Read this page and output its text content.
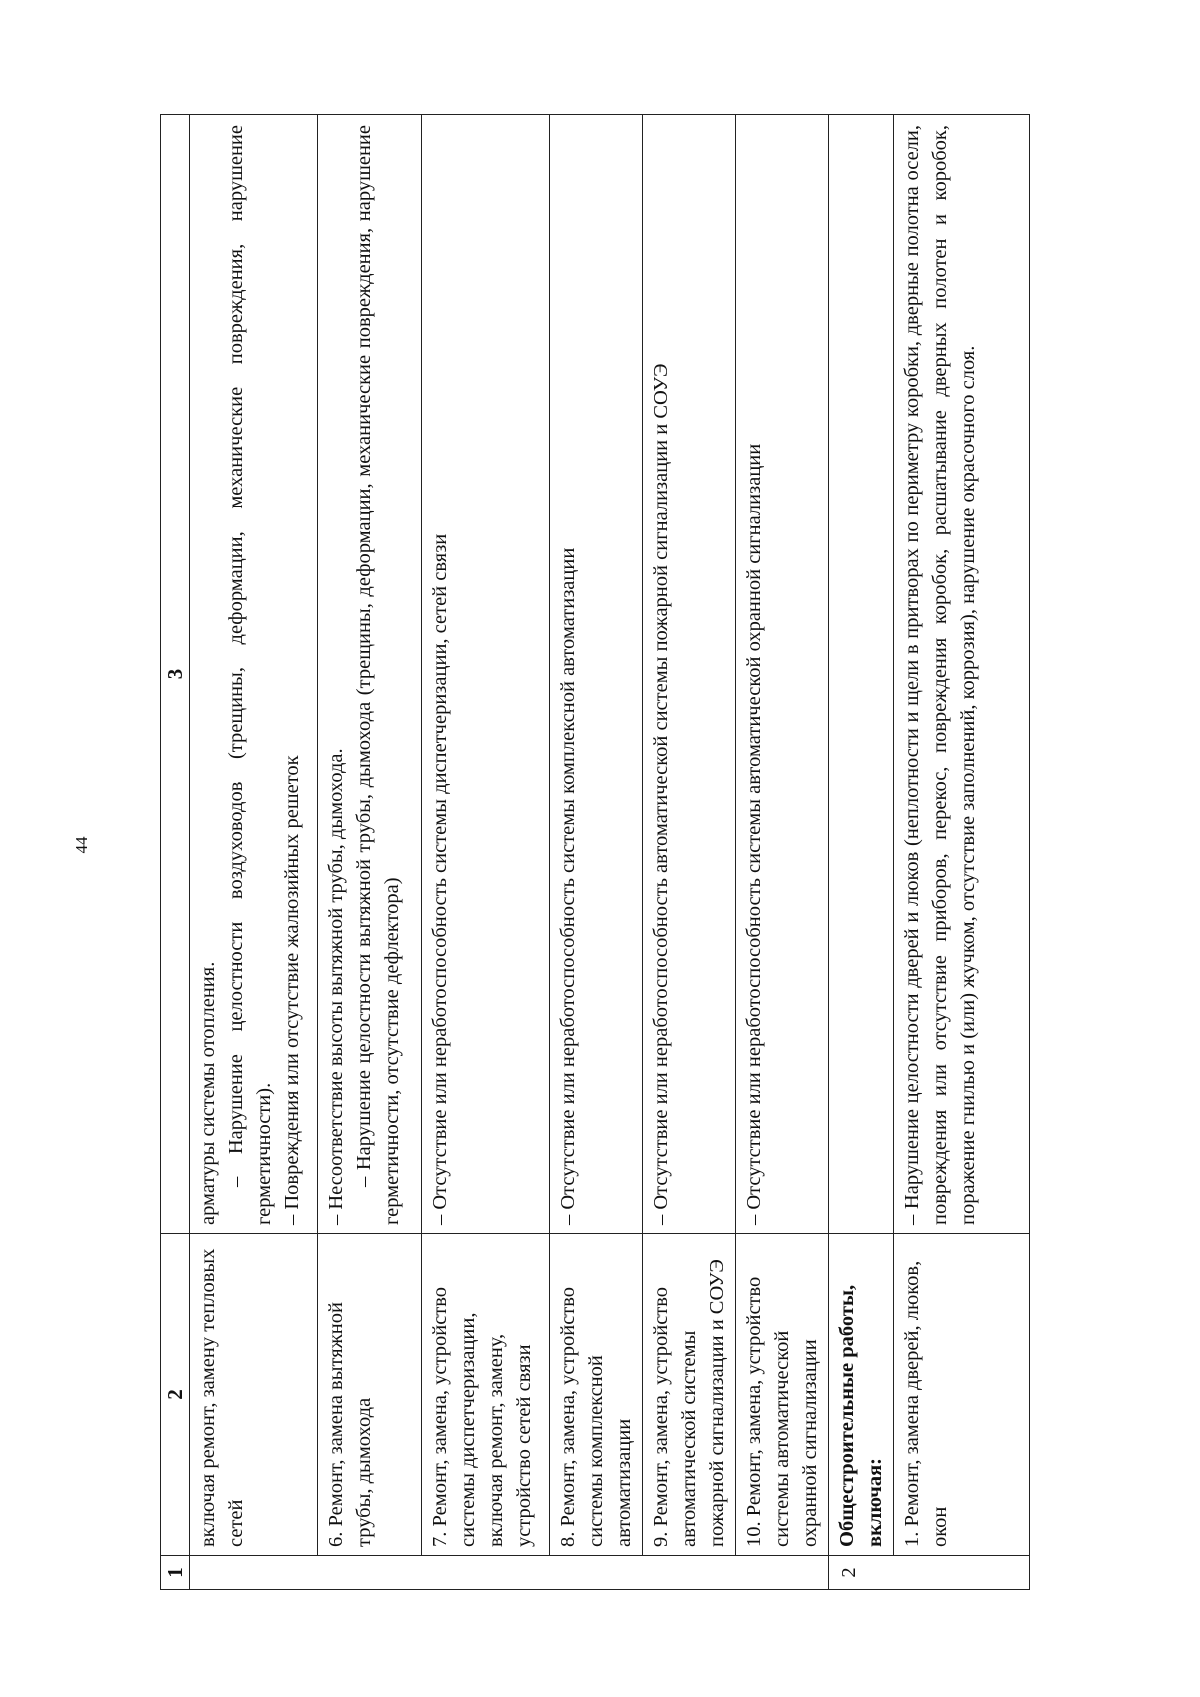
44
1	2	3
	включая ремонт, замену тепловых сетей	арматуры системы отопления. – Нарушение целостности воздуховодов (трещины, деформации, механические повреждения, нарушение герметичности). – Повреждения или отсутствие жалюзийных решеток

	6. Ремонт, замена вытяжной трубы, дымохода	– Несоответствие высоты вытяжной трубы, дымохода. – Нарушение целостности вытяжной трубы, дымохода (трещины, деформации, механические повреждения, нарушение герметичности, отсутствие дефлектора)

	7. Ремонт, замена, устройство системы диспетчеризации, включая ремонт, замену, устройство сетей связи	– Отсутствие или неработоспособность системы диспетчеризации, сетей связи

	8. Ремонт, замена, устройство системы комплексной автоматизации	– Отсутствие или неработоспособность системы комплексной автоматизации

	9. Ремонт, замена, устройство автоматической системы пожарной сигнализации и СОУЭ	– Отсутствие или неработоспособность автоматической системы пожарной сигнализации и СОУЭ

	10. Ремонт, замена, устройство системы автоматической охранной сигнализации	– Отсутствие или неработоспособность системы автоматической охранной сигнализации

2	Общестроительные работы, включая:	
	1. Ремонт, замена дверей, люков, окон	– Нарушение целостности дверей и люков (неплотности и щели в притворах по периметру коробки, дверные полотна осели, повреждения или отсутствие приборов, перекос, повреждения коробок, расшатывание дверных полотен и коробок, поражение гнилью и (или) жучком, отсутствие заполнений, коррозия), нарушение окрасочного слоя.
